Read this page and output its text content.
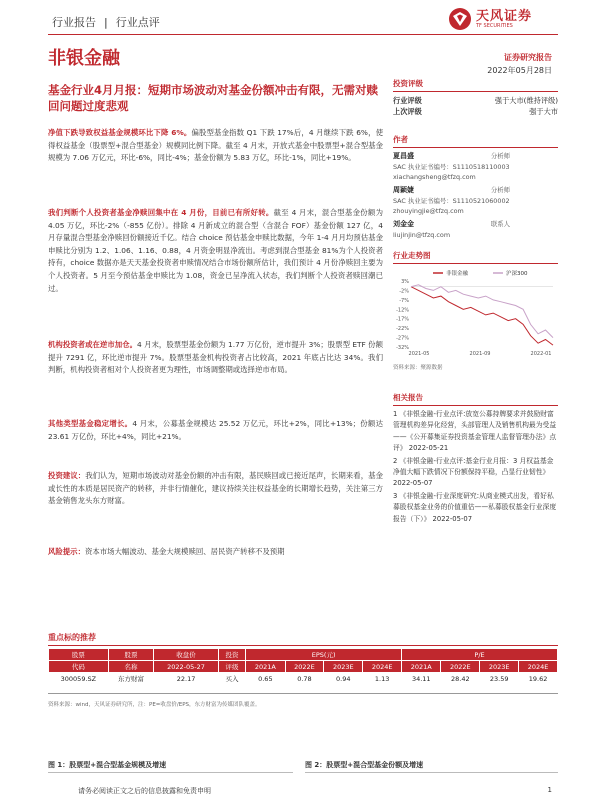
行业报告 | 行业点评	天风证券
TF SECURITIES
非银金融	证券研究报告
2022年05月28日
基金行业4月月报：短期市场波动对基金份额冲击有限，无需对赎回问题过度悲观
净值下跌导致权益基金规模环比下降 6%。偏股型基金指数 Q1 下跌 17%后，4 月继续下跌 6%，使得权益基金（股票型+混合型基金）规模同比例下降。截至 4 月末，开放式基金中股票型+混合型基金规模为 7.06 万亿元，环比-6%，同比-4%；基金份额为 5.83 万亿，环比-1%，同比+19%。
我们判断个人投资者基金净赎回集中在 4 月份，目前已有所好转。截至 4 月末，混合型基金份额为 4.05 万亿，环比-2%（-855 亿份）。排除 4 月新成立的混合型（含混合 FOF）基金份额 127 亿，4 月存量混合型基金净赎回份额接近千亿。结合 choice 预估基金申赎比数据，今年 1-4 月月均预估基金申赎比分别为 1.2、1.06、1.16、0.88，4 月资金明显净流出。考虑到混合型基金 81%为个人投资者持有，choice 数据亦是天天基金投资者申赎情况结合市场份额所估计，我们预计 4 月份净赎回主要为个人投资者。5 月至今预估基金申赎比为 1.08，资金已呈净流入状态，我们判断个人投资者赎回潮已过。
机构投资者或在逆市加仓。4 月末，股票型基金份额为 1.77 万亿份，逆市提升 3%；股票型 ETF 份额提升 7291 亿，环比逆市提升 7%。股票型基金机构投资者占比较高，2021 年底占比达 34%。我们判断，机构投资者相对个人投资者更为理性，市场调整期或选择逆市布局。
其他类型基金稳定增长。4 月末，公募基金规模达 25.52 万亿元，环比+2%，同比+13%；份额达 23.61 万亿份，环比+4%，同比+21%。
投资建议：我们认为，短期市场波动对基金份额的冲击有限，基民赎回或已接近尾声，长期来看，基金或长性的本质是居民资产的转移，并非行情催化，建议持续关注权益基金的长期增长趋势，关注第三方基金销售龙头东方财富。
风险提示：资本市场大幅波动、基金大规模赎回、居民资产转移不及预期
投资评级
行业评级	强于大市(维持评级)
上次评级	强于大市
作者
夏昌盛	分析师
SAC 执业证书编号：S1110518110003
xiachangsheng@tfzq.com
周颖婕	分析师
SAC 执业证书编号：S1110521060002
zhouyingjie@tfzq.com
刘金金	联系人
liujinjin@tfzq.com
行业走势图
3%
-2%
-7%
-12%
-17%
-22%
-27%
-32%
2021-05	2021-09	2022-01
非银金融	沪深300
资料来源：聚源数据
相关报告
1 《非银金融-行业点评:放宽公募持牌要求并鼓励财富管理机构差异化经营，头部管理人及销售机构最为受益——《公开募集证券投资基金管理人监督管理办法》点评》 2022-05-21
2 《非银金融-行业点评:基金行业月报：3 月权益基金净值大幅下跌情况下份额保持平稳，凸显行业韧性》2022-05-07
3 《非银金融-行业深度研究:从商业模式出发，看好私募股权基金业务的价值重估——私募股权基金行业深度报告（下）》 2022-05-07
重点标的推荐
股票	股票	收盘价	投资	EPS(元)				P/E			
代码	名称	2022-05-27	评级	2021A	2022E	2023E	2024E	2021A	2022E	2023E	2024E
300059.SZ	东方财富	22.17	买入	0.65	0.78	0.94	1.13	34.11	28.42	23.59	19.62
资料来源：wind，天风证券研究所，注：PE=收盘价/EPS，东方财富为传媒团队覆盖。
图 1：股票型+混合型基金规模及增速	图 2：股票型+混合型基金份额及增速
请务必阅读正文之后的信息披露和免责申明	1
